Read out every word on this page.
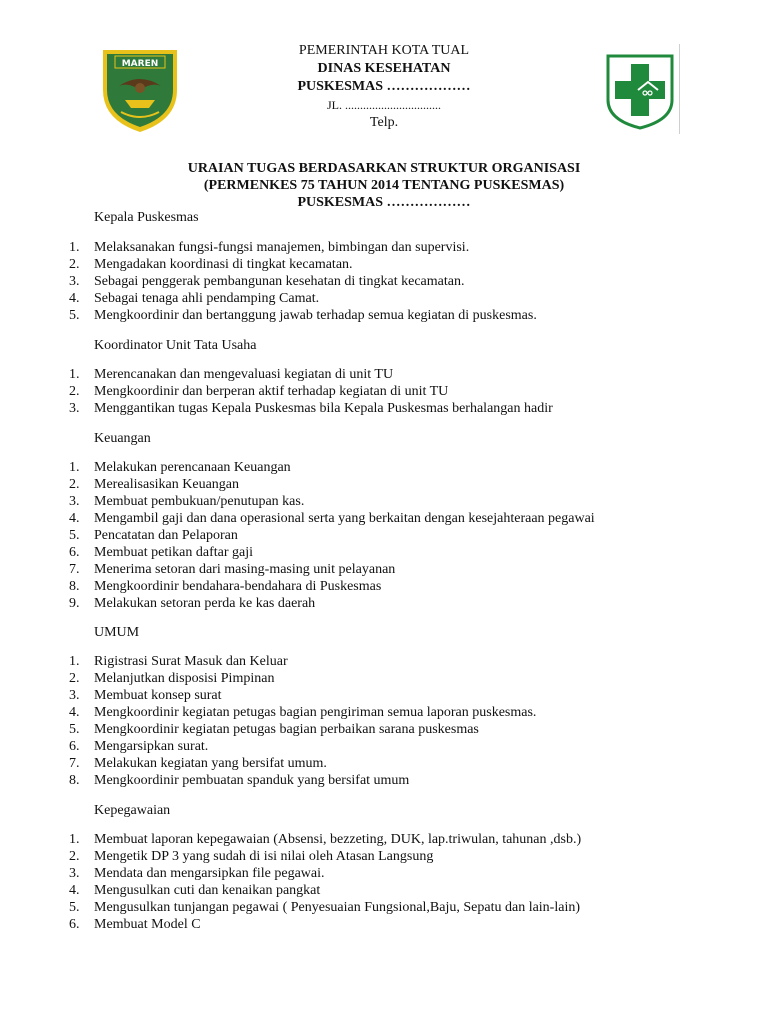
MAREN
PEMERINTAH KOTA TUAL
DINAS KESEHATAN
PUSKESMAS ………………
JL. ................................
Telp.
URAIAN TUGAS BERDASARKAN STRUKTUR ORGANISASI
(PERMENKES 75 TAHUN 2014 TENTANG PUSKESMAS)
PUSKESMAS ………………
Kepala Puskesmas
1. Melaksanakan fungsi-fungsi manajemen, bimbingan dan supervisi.
2. Mengadakan koordinasi di tingkat kecamatan.
3. Sebagai penggerak pembangunan kesehatan di tingkat kecamatan.
4. Sebagai tenaga ahli pendamping Camat.
5. Mengkoordinir dan bertanggung jawab terhadap semua kegiatan di puskesmas.
Koordinator Unit Tata Usaha
1. Merencanakan dan mengevaluasi kegiatan di unit TU
2. Mengkoordinir dan berperan aktif terhadap kegiatan di unit TU
3. Menggantikan tugas Kepala Puskesmas bila Kepala Puskesmas berhalangan hadir
Keuangan
1. Melakukan perencanaan Keuangan
2. Merealisasikan Keuangan
3. Membuat pembukuan/penutupan kas.
4. Mengambil gaji dan dana operasional serta yang berkaitan dengan kesejahteraan pegawai
5. Pencatatan dan Pelaporan
6. Membuat petikan daftar gaji
7. Menerima setoran dari masing-masing unit pelayanan
8. Mengkoordinir bendahara-bendahara di Puskesmas
9. Melakukan setoran perda ke kas daerah
UMUM
1. Rigistrasi Surat Masuk dan Keluar
2. Melanjutkan disposisi Pimpinan
3. Membuat konsep surat
4. Mengkoordinir kegiatan petugas bagian pengiriman semua laporan puskesmas.
5. Mengkoordinir kegiatan petugas bagian perbaikan sarana puskesmas
6. Mengarsipkan surat.
7. Melakukan kegiatan yang bersifat umum.
8. Mengkoordinir pembuatan spanduk yang bersifat umum
Kepegawaian
1. Membuat laporan kepegawaian (Absensi, bezzeting, DUK, lap.triwulan, tahunan ,dsb.)
2. Mengetik DP 3 yang sudah di isi nilai oleh Atasan Langsung
3. Mendata dan mengarsipkan file pegawai.
4. Mengusulkan cuti dan kenaikan pangkat
5. Mengusulkan tunjangan pegawai ( Penyesuaian Fungsional,Baju, Sepatu dan lain-lain)
6. Membuat Model C
